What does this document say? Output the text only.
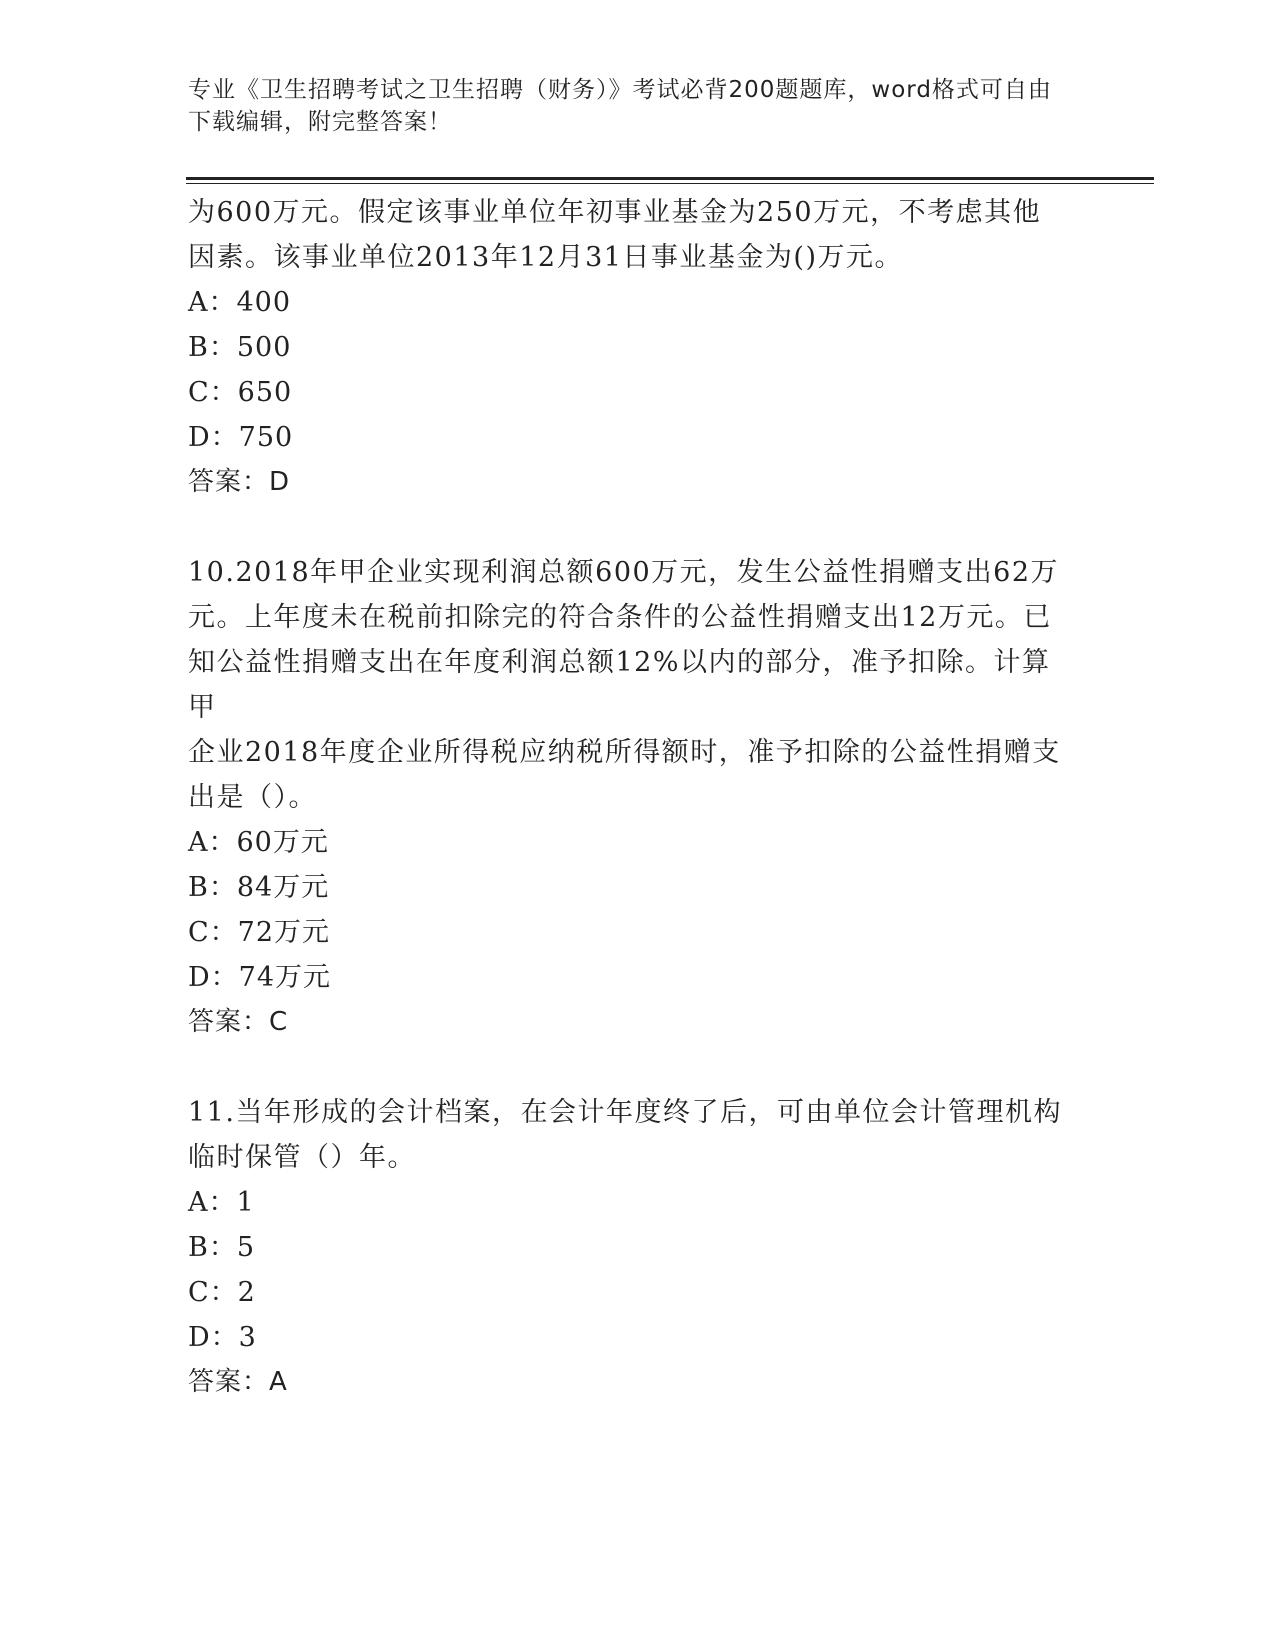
专业《卫生招聘考试之卫生招聘（财务）》考试必背200题题库，word格式可自由下载编辑，附完整答案！

为600万元。假定该事业单位年初事业基金为250万元，不考虑其他

因素。该事业单位2013年12月31日事业基金为()万元。

A：400

B：500

C：650

D：750

答案：D

10.2018年甲企业实现利润总额600万元，发生公益性捐赠支出62万

元。上年度未在税前扣除完的符合条件的公益性捐赠支出12万元。已

知公益性捐赠支出在年度利润总额12%以内的部分，准予扣除。计算甲

企业2018年度企业所得税应纳税所得额时，准予扣除的公益性捐赠支

出是（）。

A：60万元

B：84万元

C：72万元

D：74万元

答案：C

11.当年形成的会计档案，在会计年度终了后，可由单位会计管理机构

临时保管（）年。

A：1

B：5

C：2

D：3

答案：A
